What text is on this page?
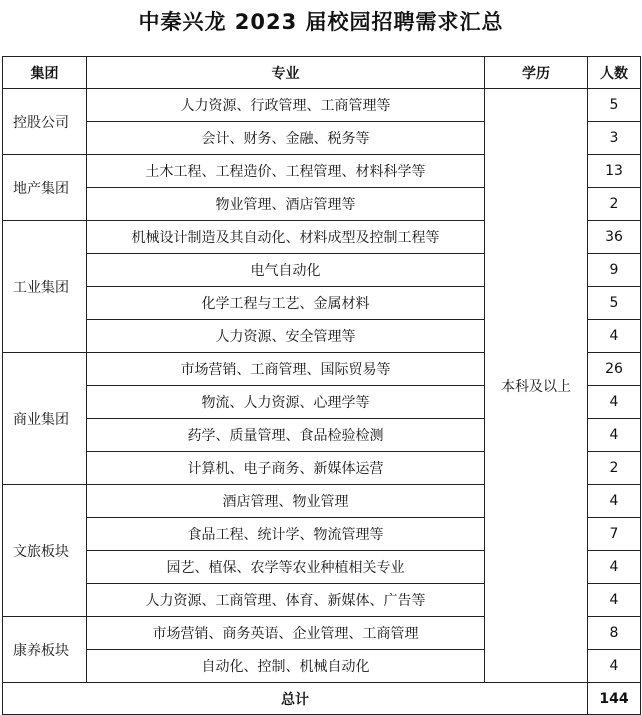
中秦兴龙 2023 届校园招聘需求汇总
集团	专业	学历	人数
控股公司	人力资源、行政管理、工商管理等	本科及以上	5
	会计、财务、金融、税务等		3
地产集团	土木工程、工程造价、工程管理、材料科学等		13
	物业管理、酒店管理等		2
工业集团	机械设计制造及其自动化、材料成型及控制工程等		36
	电气自动化		9
	化学工程与工艺、金属材料		5
	人力资源、安全管理等		4
商业集团	市场营销、工商管理、国际贸易等		26
	物流、人力资源、心理学等		4
	药学、质量管理、食品检验检测		4
	计算机、电子商务、新媒体运营		2
文旅板块	酒店管理、物业管理		4
	食品工程、统计学、物流管理等		7
	园艺、植保、农学等农业种植相关专业		4
	人力资源、工商管理、体育、新媒体、广告等		4
康养板块	市场营销、商务英语、企业管理、工商管理		8
	自动化、控制、机械自动化		4
总计			144
